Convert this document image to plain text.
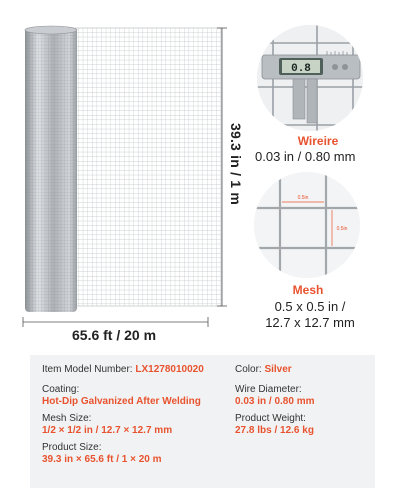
39.3 in / 1 m
65.6 ft / 20 m
0.8
Wireire
0.03 in / 0.80 mm
0.5in
0.5in
Mesh
0.5 x 0.5 in /
12.7 x 12.7 mm
Item Model Number: LX1278010020	Color: Silver
Coating:
Hot-Dip Galvanized After Welding
Wire Diameter:
0.03 in / 0.80 mm
Mesh Size:
1/2 × 1/2 in / 12.7 × 12.7 mm
Product Weight:
27.8 lbs / 12.6 kg
Product Size:
39.3 in × 65.6 ft / 1 × 20 m
